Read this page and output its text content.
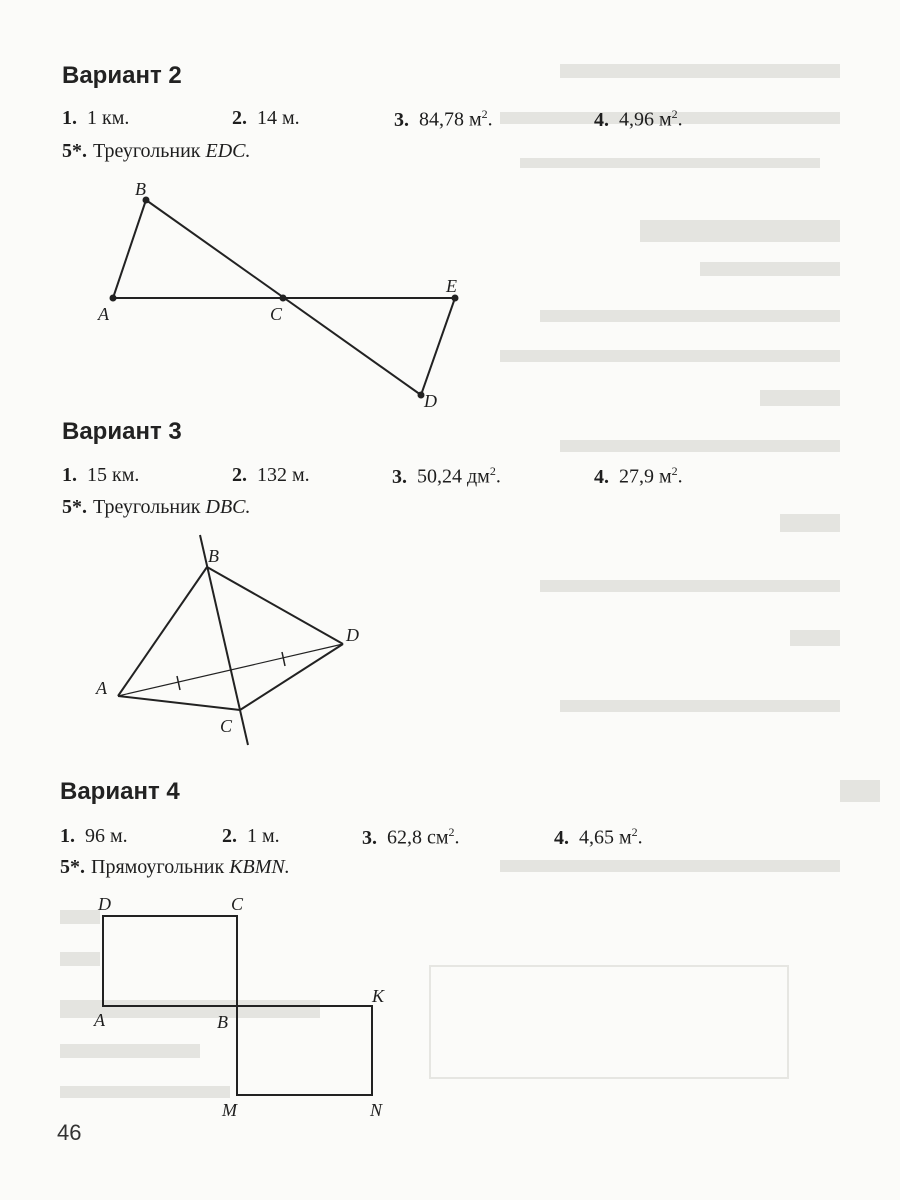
Вариант 2
1. 1 км.	2. 14 м.	3. 84,78 $м^2$.	4. 4,96 $м^2$.
5*. Треугольник EDC.
B
A	C
E
D
Вариант 3
1. 15 км.	2. 132 м.	3. 50,24 $дм^2$.	4. 27,9 $м^2$.
5*. Треугольник DBC.
B
D
A
C
Вариант 4
1. 96 м.	2. 1 м.	3. 62,8 $см^2$.	4. 4,65 $м^2$.
5*. Прямоугольник KBMN.
D	C
K
A	B
M	N
46
